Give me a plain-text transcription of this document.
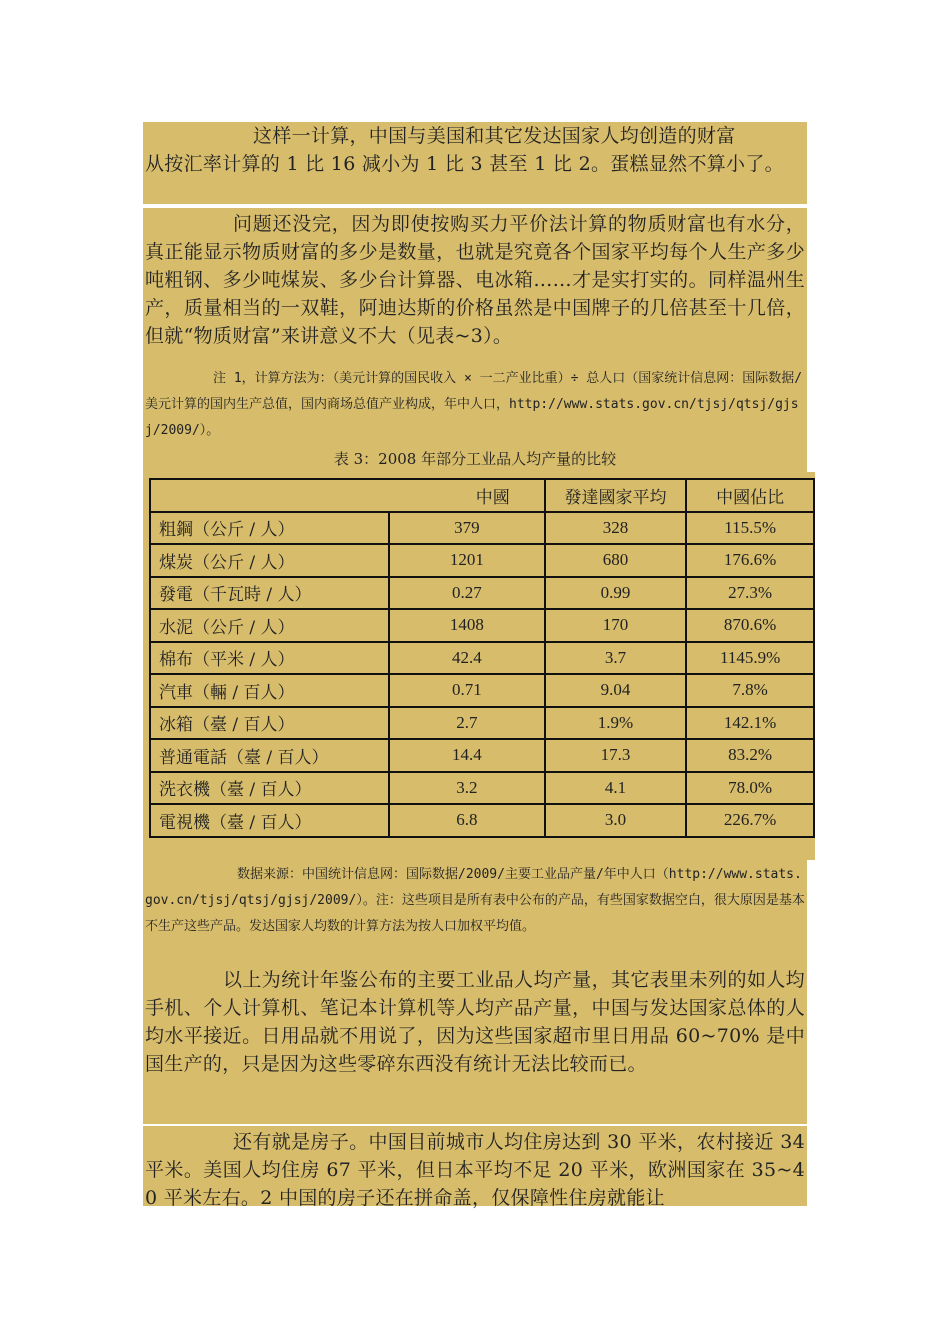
这样一计算，中国与美国和其它发达国家人均创造的财富

从按汇率计算的 1 比 16 减小为 1 比 3 甚至 1 比 2。蛋糕显然不算小了。

问题还没完，因为即使按购买力平价法计算的物质财富也有水分，真正能显示物质财富的多少是数量，也就是究竟各个国家平均每个人生产多少吨粗钢、多少吨煤炭、多少台计算器、电冰箱……才是实打实的。同样温州生产，质量相当的一双鞋，阿迪达斯的价格虽然是中国牌子的几倍甚至十几倍，但就“物质财富”来讲意义不大（见表~3）。

注 1，计算方法为：（美元计算的国民收入 × 一二产业比重）÷ 总人口（国家统计信息网：国际数据/美元计算的国内生产总值，国内商场总值产业构成，年中人口，http://www.stats.gov.cn/tjsj/qtsj/gjsj/2009/）。

表 3：2008 年部分工业品人均产量的比较
	中國	發達國家平均	中國佔比
粗鋼（公斤 / 人）	379	328	115.5%
煤炭（公斤 / 人）	1201	680	176.6%
發電（千瓦時 / 人）	0.27	0.99	27.3%
水泥（公斤 / 人）	1408	170	870.6%
棉布（平米 / 人）	42.4	3.7	1145.9%
汽車（輛 / 百人）	0.71	9.04	7.8%
冰箱（臺 / 百人）	2.7	1.9%	142.1%
普通電話（臺 / 百人）	14.4	17.3	83.2%
洗衣機（臺 / 百人）	3.2	4.1	78.0%
電視機（臺 / 百人）	6.8	3.0	226.7%

数据来源：中国统计信息网：国际数据/2009/主要工业品产量/年中人口（http://www.stats.gov.cn/tjsj/qtsj/gjsj/2009/）。注：这些项目是所有表中公布的产品，有些国家数据空白，很大原因是基本不生产这些产品。发达国家人均数的计算方法为按人口加权平均值。

以上为统计年鉴公布的主要工业品人均产量，其它表里未列的如人均手机、个人计算机、笔记本计算机等人均产品产量，中国与发达国家总体的人均水平接近。日用品就不用说了，因为这些国家超市里日用品 60~70% 是中国生产的，只是因为这些零碎东西没有统计无法比较而已。

还有就是房子。中国目前城市人均住房达到 30 平米，农村接近 34 平米。美国人均住房 67 平米，但日本平均不足 20 平米，欧洲国家在 35~40 平米左右。2 中国的房子还在拼命盖，仅保障性住房就能让
